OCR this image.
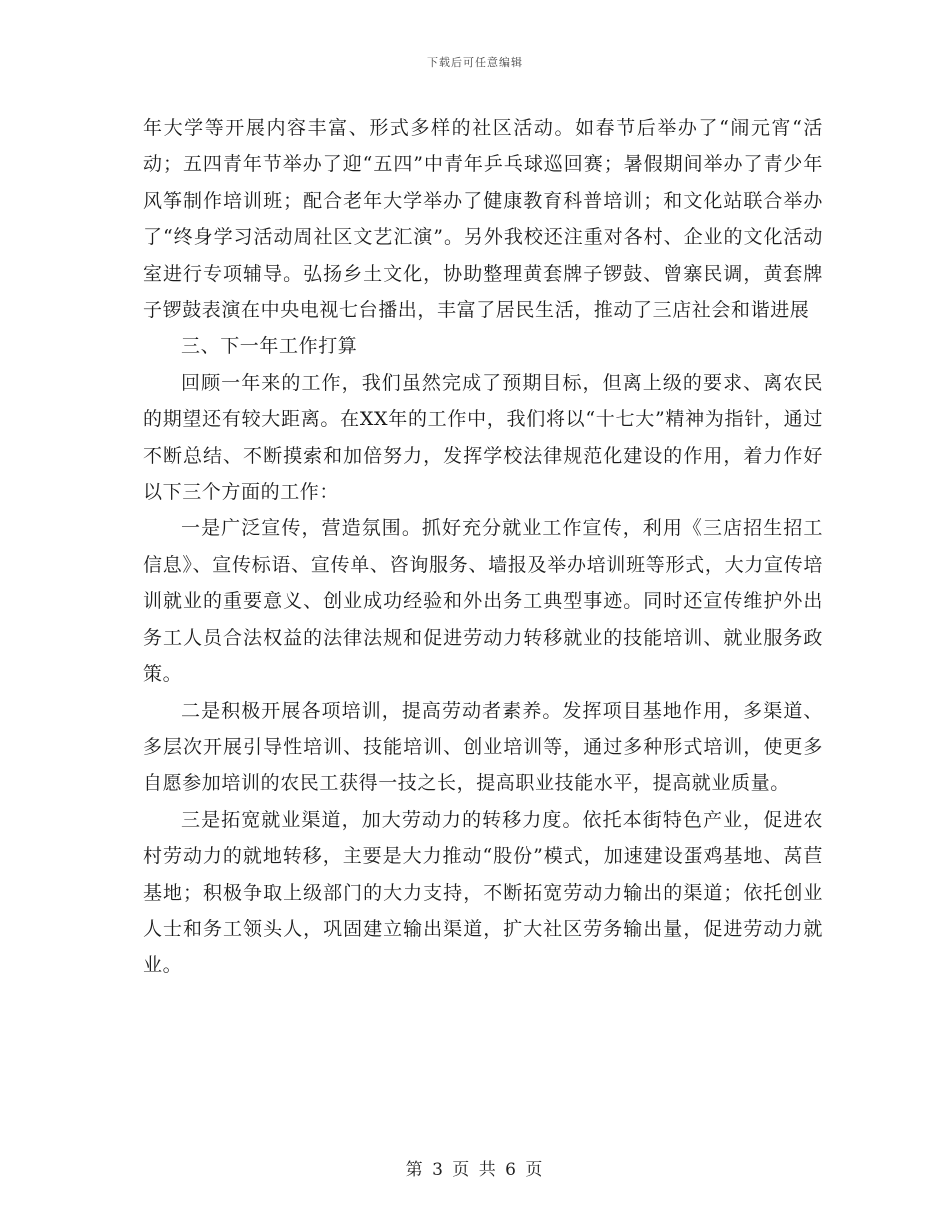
下载后可任意编辑

年大学等开展内容丰富、形式多样的社区活动。如春节后举办了“闹元宵“活动；五四青年节举办了迎“五四”中青年乒乓球巡回赛；暑假期间举办了青少年风筝制作培训班；配合老年大学举办了健康教育科普培训；和文化站联合举办了“终身学习活动周社区文艺汇演”。另外我校还注重对各村、企业的文化活动室进行专项辅导。弘扬乡土文化，协助整理黄套牌子锣鼓、曾寨民调，黄套牌子锣鼓表演在中央电视七台播出，丰富了居民生活，推动了三店社会和谐进展

三、下一年工作打算

回顾一年来的工作，我们虽然完成了预期目标，但离上级的要求、离农民的期望还有较大距离。在XX年的工作中，我们将以“十七大”精神为指针，通过不断总结、不断摸索和加倍努力，发挥学校法律规范化建设的作用，着力作好以下三个方面的工作：

一是广泛宣传，营造氛围。抓好充分就业工作宣传，利用《三店招生招工信息》、宣传标语、宣传单、咨询服务、墙报及举办培训班等形式，大力宣传培训就业的重要意义、创业成功经验和外出务工典型事迹。同时还宣传维护外出务工人员合法权益的法律法规和促进劳动力转移就业的技能培训、就业服务政策。

二是积极开展各项培训，提高劳动者素养。发挥项目基地作用，多渠道、多层次开展引导性培训、技能培训、创业培训等，通过多种形式培训，使更多自愿参加培训的农民工获得一技之长，提高职业技能水平，提高就业质量。

三是拓宽就业渠道，加大劳动力的转移力度。依托本街特色产业，促进农村劳动力的就地转移，主要是大力推动“股份”模式，加速建设蛋鸡基地、莴苣基地；积极争取上级部门的大力支持，不断拓宽劳动力输出的渠道；依托创业人士和务工领头人，巩固建立输出渠道，扩大社区劳务输出量，促进劳动力就业。

第 3 页 共 6 页
